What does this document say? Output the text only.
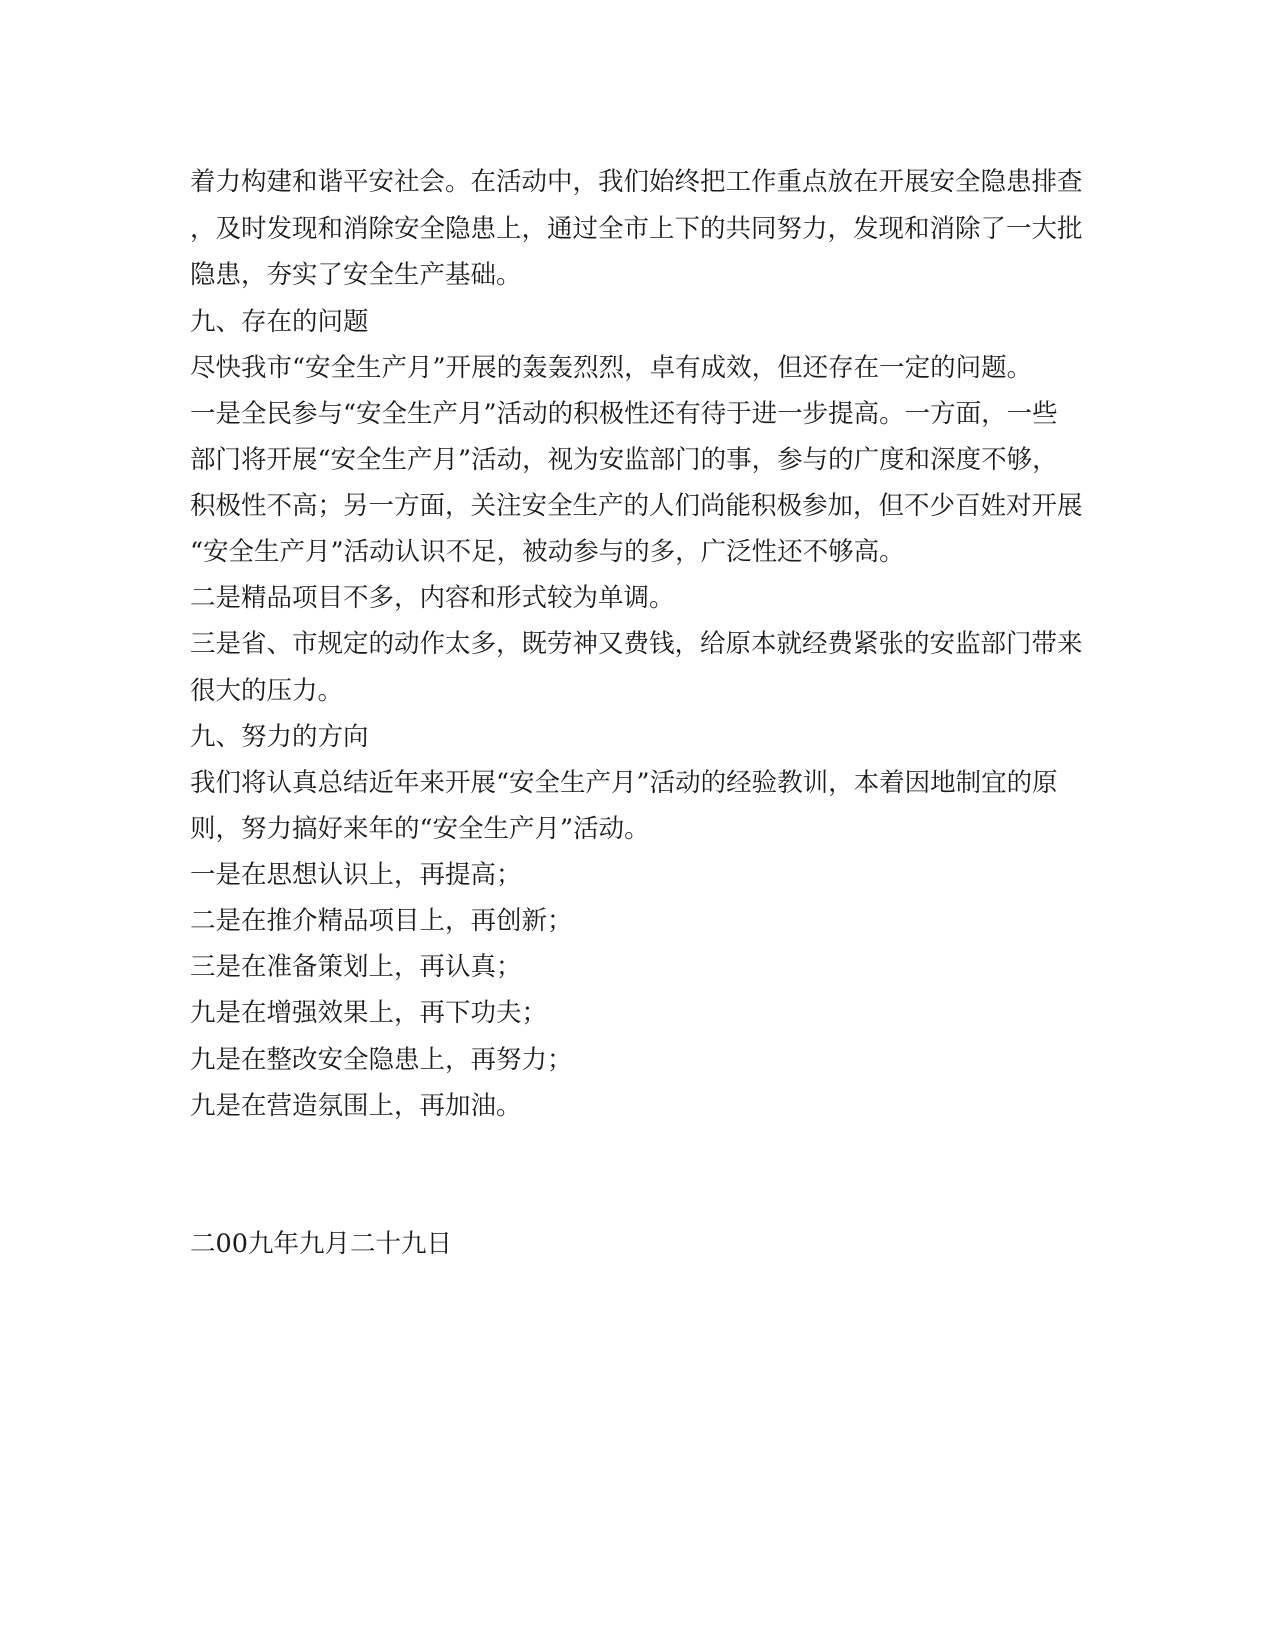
着力构建和谐平安社会。在活动中，我们始终把工作重点放在开展安全隐患排查

，及时发现和消除安全隐患上，通过全市上下的共同努力，发现和消除了一大批

隐患，夯实了安全生产基础。

九、存在的问题

尽快我市“安全生产月”开展的轰轰烈烈，卓有成效，但还存在一定的问题。

一是全民参与“安全生产月”活动的积极性还有待于进一步提高。一方面，一些

部门将开展“安全生产月”活动，视为安监部门的事，参与的广度和深度不够，

积极性不高；另一方面，关注安全生产的人们尚能积极参加，但不少百姓对开展

“安全生产月”活动认识不足，被动参与的多，广泛性还不够高。

二是精品项目不多，内容和形式较为单调。

三是省、市规定的动作太多，既劳神又费钱，给原本就经费紧张的安监部门带来

很大的压力。

九、努力的方向

我们将认真总结近年来开展“安全生产月”活动的经验教训，本着因地制宜的原

则，努力搞好来年的“安全生产月”活动。

一是在思想认识上，再提高；

二是在推介精品项目上，再创新；

三是在准备策划上，再认真；

九是在增强效果上，再下功夫；

九是在整改安全隐患上，再努力；

九是在营造氛围上，再加油。

二00九年九月二十九日
